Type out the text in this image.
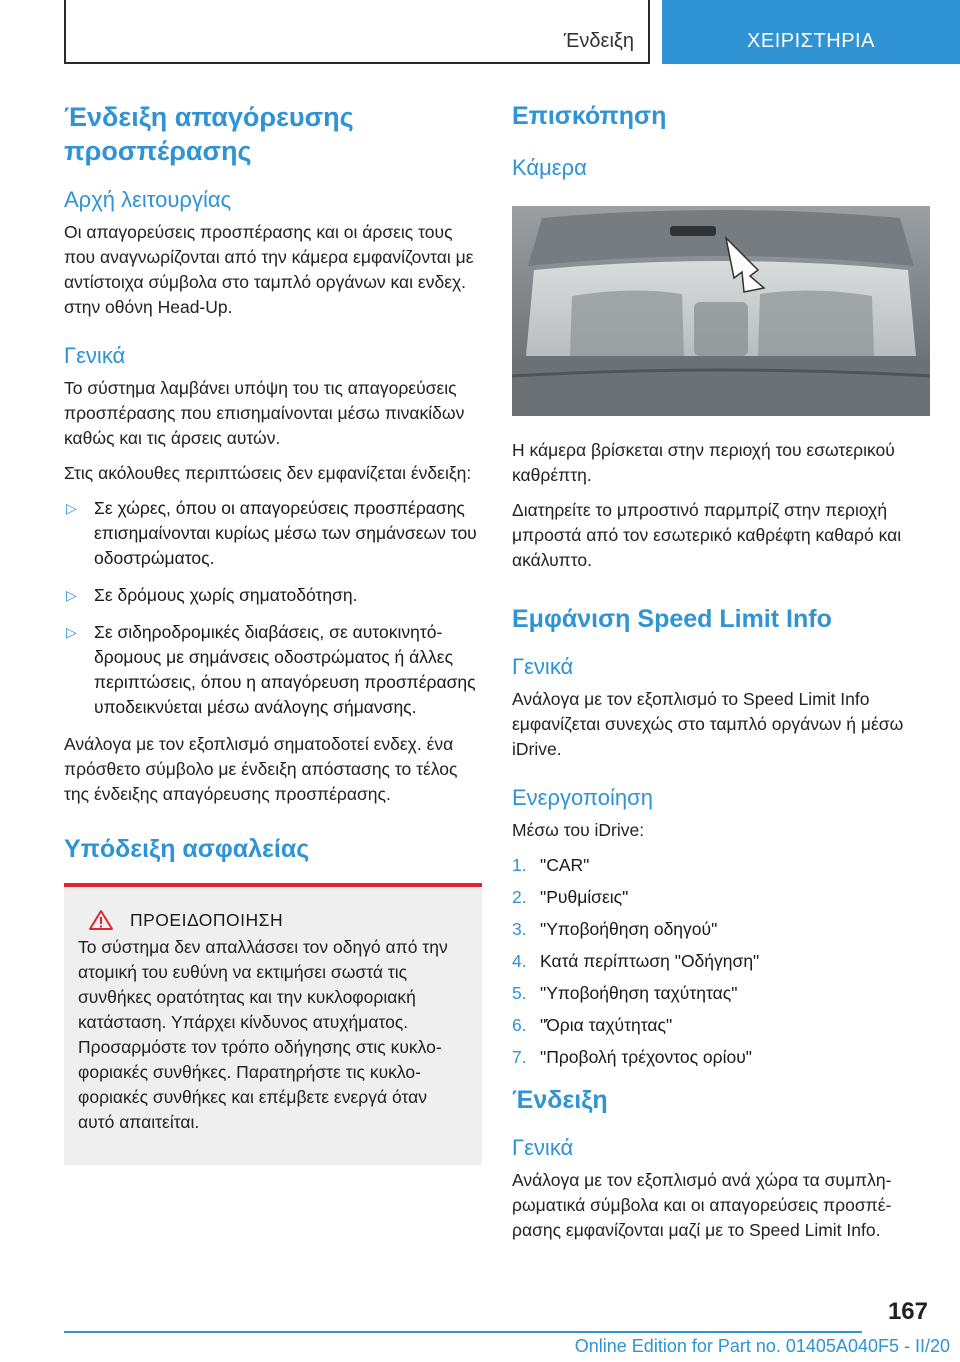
Ένδειξη	ΧΕΙΡΙΣΤΗΡΙΑ
Ένδειξη απαγόρευσης προσπέρασης
Αρχή λειτουργίας

Οι απαγορεύσεις προσπέρασης και οι άρσεις τους που αναγνωρίζονται από την κάμερα εμφανίζονται με αντίστοιχα σύμβολα στο ταμπλό οργάνων και ενδεχ. στην οθόνη Head-Up.

Γενικά

Το σύστημα λαμβάνει υπόψη του τις απαγορεύσεις προσπέρασης που επισημαίνονται μέσω πινακίδων καθώς και τις άρσεις αυτών.

Στις ακόλουθες περιπτώσεις δεν εμφανίζεται ένδειξη:

▷ Σε χώρες, όπου οι απαγορεύσεις προσπέρασης επισημαίνονται κυρίως μέσω των σημάνσεων του οδοστρώματος.
▷ Σε δρόμους χωρίς σηματοδότηση.
▷ Σε σιδηροδρομικές διαβάσεις, σε αυτοκινητόδρομους με σημάνσεις οδοστρώματος ή άλλες περιπτώσεις, όπου η απαγόρευση προσπέρασης υποδεικνύεται μέσω ανάλογης σήμανσης.

Ανάλογα με τον εξοπλισμό σηματοδοτεί ενδεχ. ένα πρόσθετο σύμβολο με ένδειξη απόστασης το τέλος της ένδειξης απαγόρευσης προσπέρασης.

Υπόδειξη ασφαλείας
ΠΡΟΕΙΔΟΠΟΙΗΣΗ

Το σύστημα δεν απαλλάσσει τον οδηγό από την ατομική του ευθύνη να εκτιμήσει σωστά τις συνθήκες ορατότητας και την κυκλοφοριακή κατάσταση. Υπάρχει κίνδυνος ατυχήματος. Προσαρμόστε τον τρόπο οδήγησης στις κυκλοφοριακές συνθήκες. Παρατηρήστε τις κυκλοφοριακές συνθήκες και επέμβετε ενεργά όταν αυτό απαιτείται.

Επισκόπηση
Κάμερα

Η κάμερα βρίσκεται στην περιοχή του εσωτερικού καθρέπτη.

Διατηρείτε το μπροστινό παρμπρίζ στην περιοχή μπροστά από τον εσωτερικό καθρέφτη καθαρό και ακάλυπτο.

Εμφάνιση Speed Limit Info
Γενικά

Ανάλογα με τον εξοπλισμό το Speed Limit Info εμφανίζεται συνεχώς στο ταμπλό οργάνων ή μέσω iDrive.

Ενεργοποίηση

Μέσω του iDrive:

1. "CAR"
2. "Ρυθμίσεις"
3. "Υποβοήθηση οδηγού"
4. Κατά περίπτωση "Οδήγηση"
5. "Υποβοήθηση ταχύτητας"
6. "Όρια ταχύτητας"
7. "Προβολή τρέχοντος ορίου"
Ένδειξη
Γενικά

Ανάλογα με τον εξοπλισμό ανά χώρα τα συμπληρωματικά σύμβολα και οι απαγορεύσεις προσπέρασης εμφανίζονται μαζί με το Speed Limit Info.

167
Online Edition for Part no. 01405A040F5 - II/20
